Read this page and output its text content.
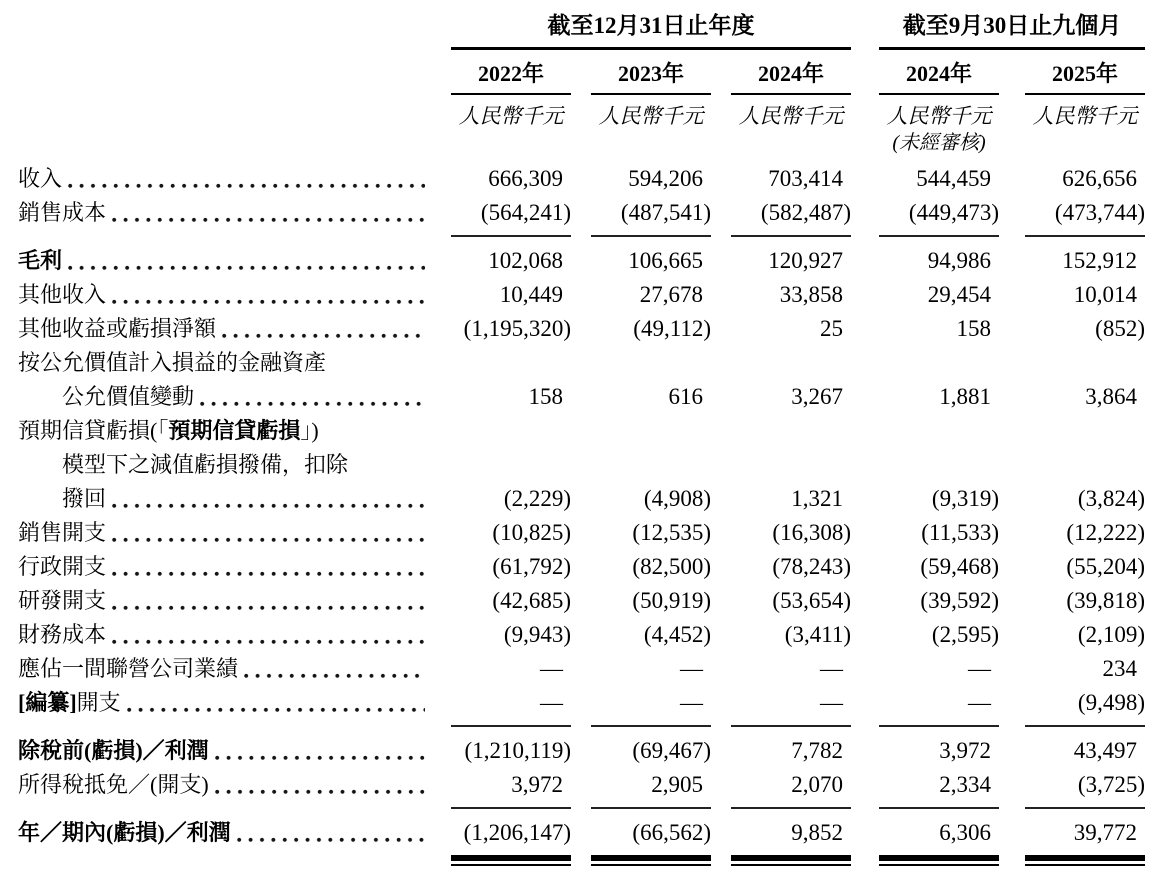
截至12月31日止年度	截至9月30日止九個月
2022年	2023年	2024年	2024年	2025年
人民幣千元	人民幣千元	人民幣千元	人民幣千元	人民幣千元
(未經審核)
收入	666,309	594,206	703,414	544,459	626,656
銷售成本	(564,241)	(487,541)	(582,487)	(449,473)	(473,744)
毛利	102,068	106,665	120,927	94,986	152,912
其他收入	10,449	27,678	33,858	29,454	10,014
其他收益或虧損淨額	(1,195,320)	(49,112)	25	158	(852)
按公允價值計入損益的金融資產
公允價值變動	158	616	3,267	1,881	3,864
預期信貸虧損(「 預期信貸虧損 」)
模型下之減值虧損撥備，扣除
撥回	(2,229)	(4,908)	1,321	(9,319)	(3,824)
銷售開支	(10,825)	(12,535)	(16,308)	(11,533)	(12,222)
行政開支	(61,792)	(82,500)	(78,243)	(59,468)	(55,204)
研發開支	(42,685)	(50,919)	(53,654)	(39,592)	(39,818)
財務成本	(9,943)	(4,452)	(3,411)	(2,595)	(2,109)
應佔一間聯營公司業績	—	—	—	—	234
[編纂] 開支	—	—	—	—	(9,498)
除稅前(虧損)／利潤	(1,210,119)	(69,467)	7,782	3,972	43,497
所得稅抵免／(開支)	3,972	2,905	2,070	2,334	(3,725)
年／期內(虧損)／利潤	(1,206,147)	(66,562)	9,852	6,306	39,772
